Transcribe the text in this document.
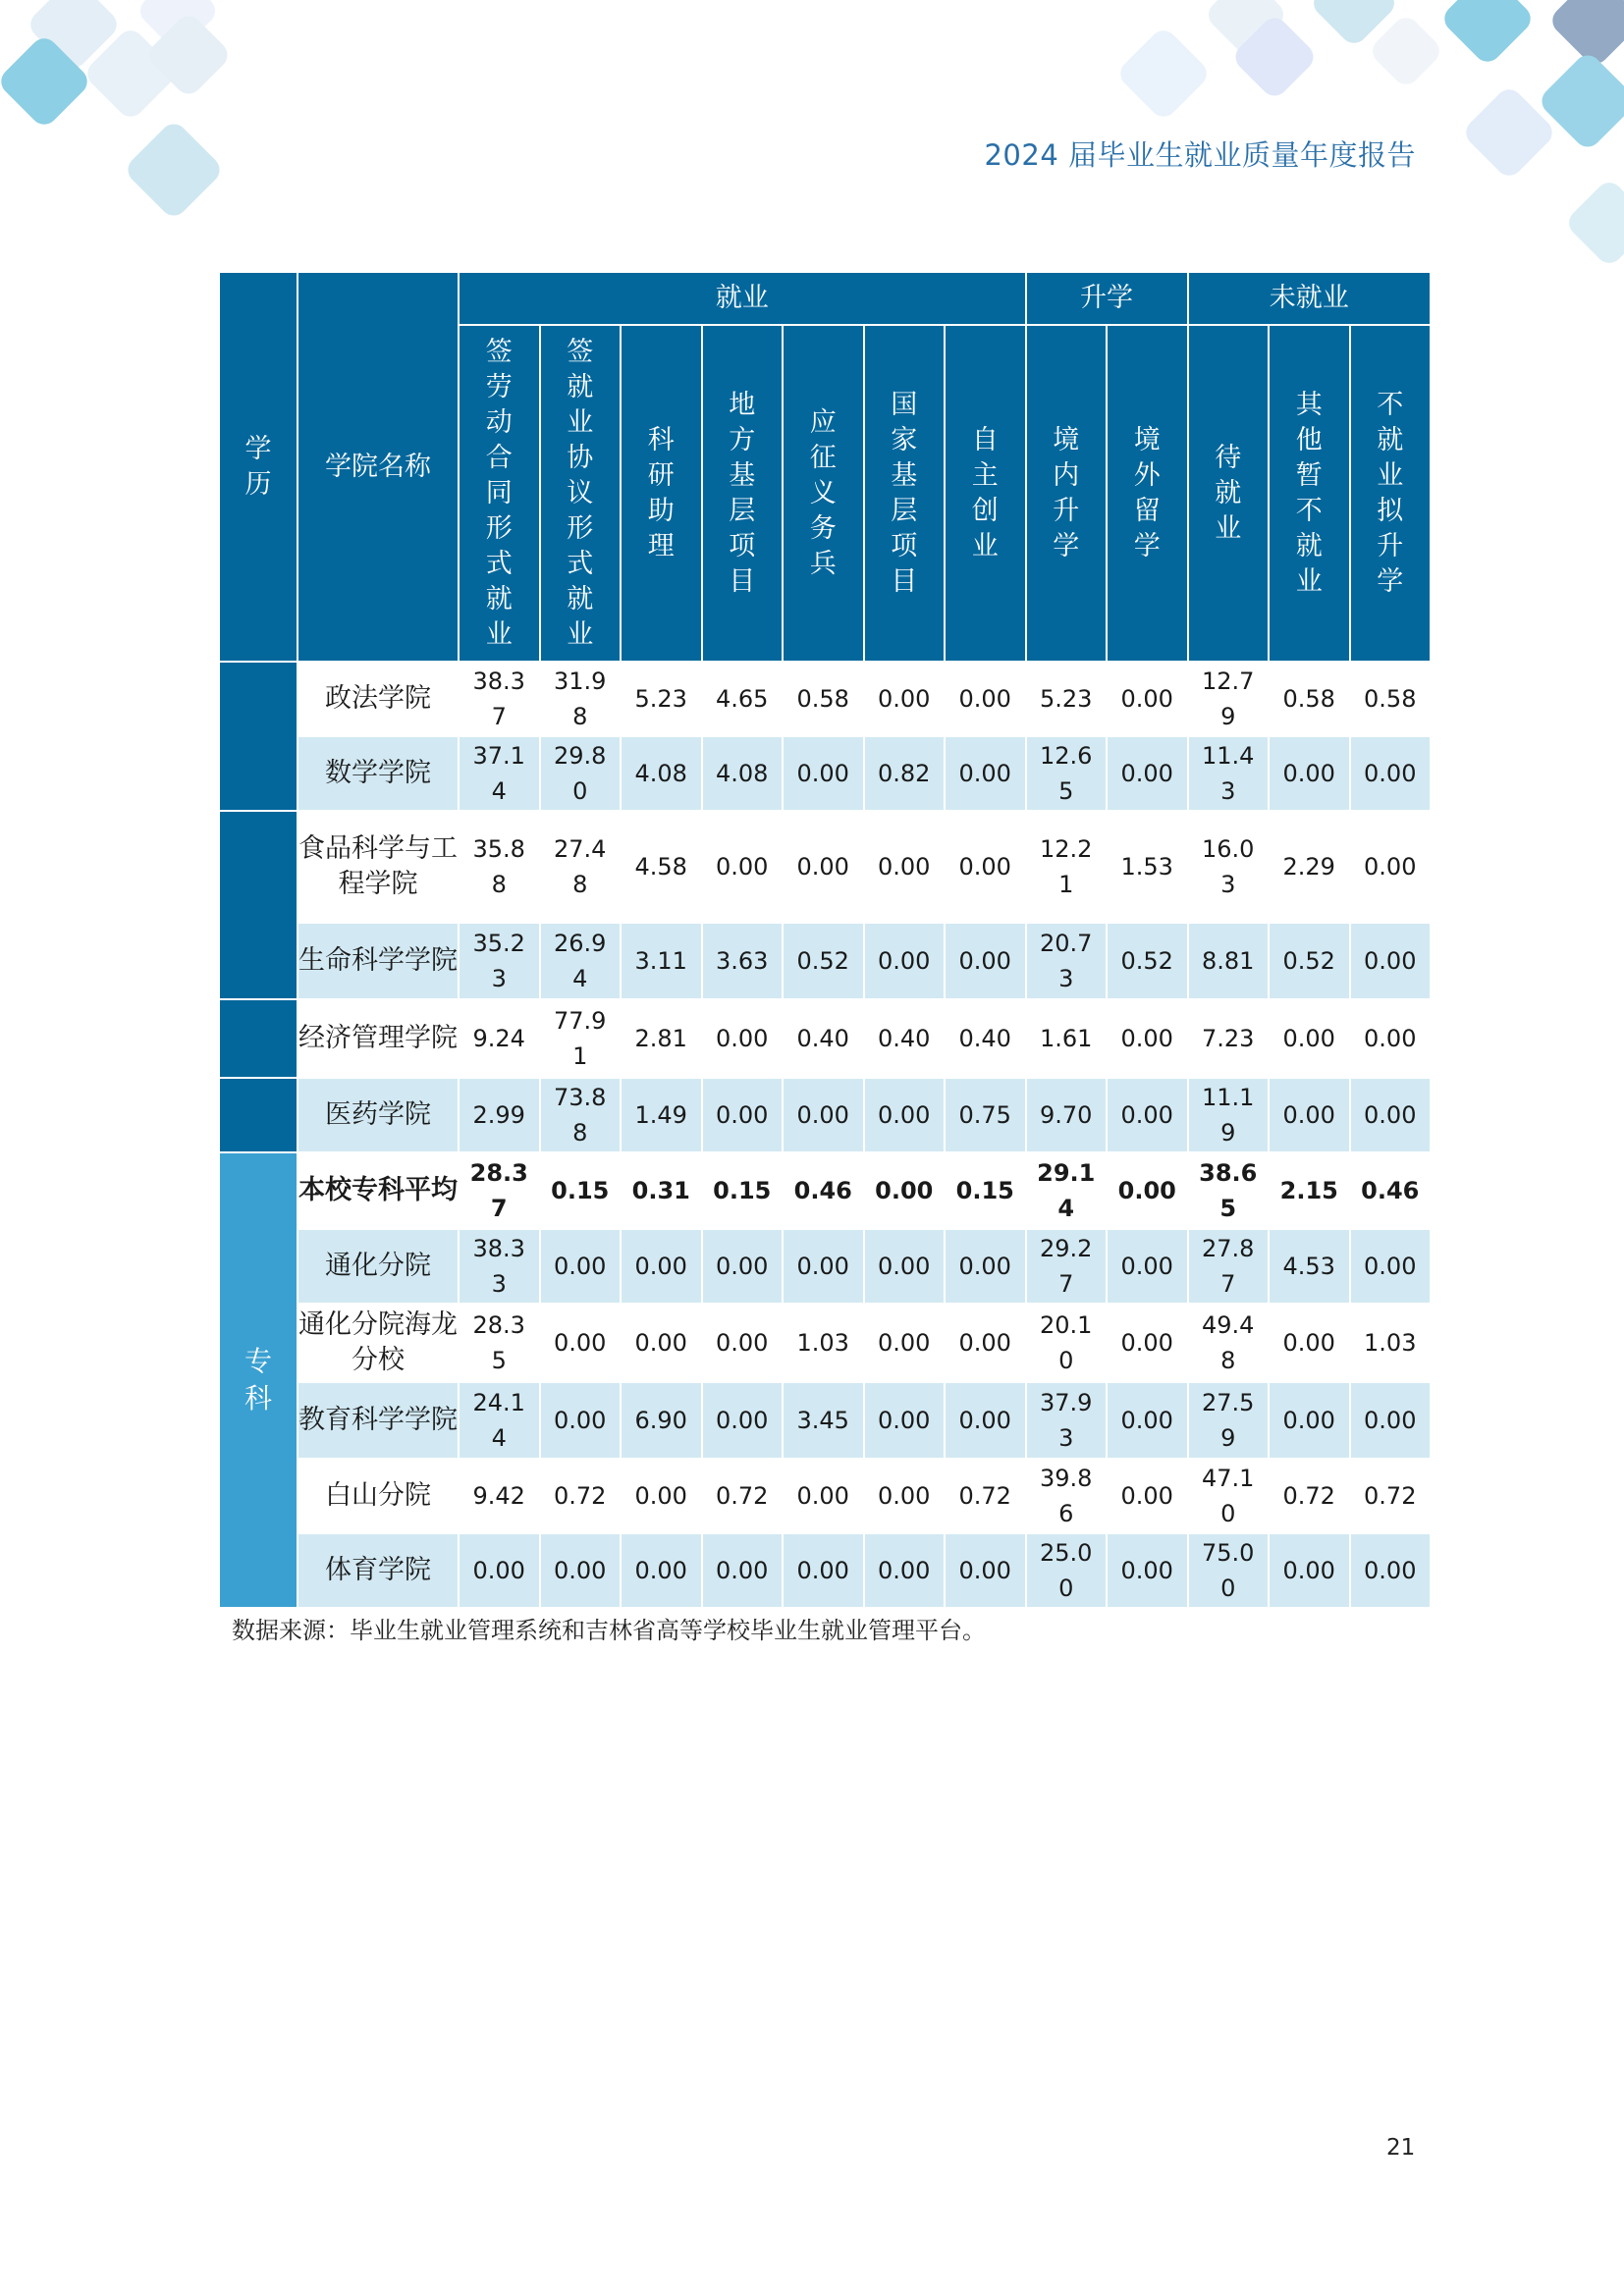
2024 届毕业生就业质量年度报告
学历	学院名称	就业							升学		未就业		

		签劳动合同形式就业	签就业协议形式就业	科研助理	地方基层项目	应征义务兵	国家基层项目	自主创业	境内升学	境外留学	待就业	其他暂不就业	不就业拟升学

	政法学院	38.37	31.98	5.23	4.65	0.58	0.00	0.00	5.23	0.00	12.79	0.58	0.58

	数学学院	37.14	29.80	4.08	4.08	0.00	0.82	0.00	12.65	0.00	11.43	0.00	0.00

	食品科学与工程学院	35.88	27.48	4.58	0.00	0.00	0.00	0.00	12.21	1.53	16.03	2.29	0.00

	生命科学学院	35.23	26.94	3.11	3.63	0.52	0.00	0.00	20.73	0.52	8.81	0.52	0.00

	经济管理学院	9.24	77.91	2.81	0.00	0.40	0.40	0.40	1.61	0.00	7.23	0.00	0.00

	医药学院	2.99	73.88	1.49	0.00	0.00	0.00	0.75	9.70	0.00	11.19	0.00	0.00

专科	本校专科平均	28.37	0.15	0.31	0.15	0.46	0.00	0.15	29.14	0.00	38.65	2.15	0.46

	通化分院	38.33	0.00	0.00	0.00	0.00	0.00	0.00	29.27	0.00	27.87	4.53	0.00

	通化分院海龙分校	28.35	0.00	0.00	0.00	1.03	0.00	0.00	20.10	0.00	49.48	0.00	1.03

	教育科学学院	24.14	0.00	6.90	0.00	3.45	0.00	0.00	37.93	0.00	27.59	0.00	0.00

	白山分院	9.42	0.72	0.00	0.72	0.00	0.00	0.72	39.86	0.00	47.10	0.72	0.72

	体育学院	0.00	0.00	0.00	0.00	0.00	0.00	0.00	25.00	0.00	75.00	0.00	0.00
数据来源：毕业生就业管理系统和吉林省高等学校毕业生就业管理平台。
21
